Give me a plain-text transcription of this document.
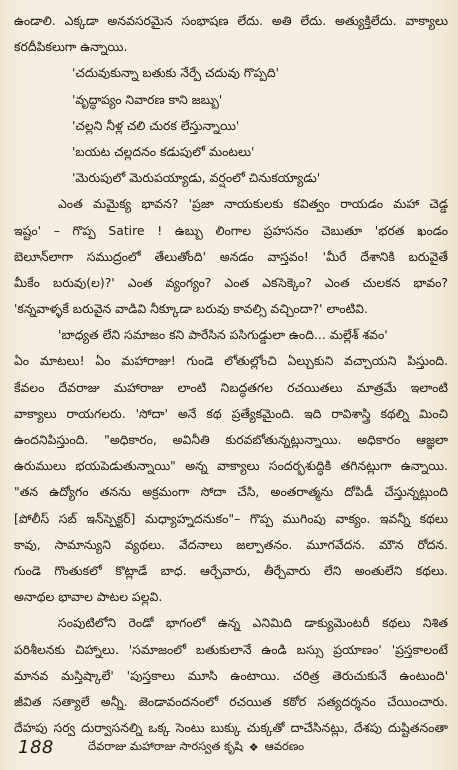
ఉండాలి. ఎక్కడా అనవసరమైన సంభాషణ లేదు. అతి లేదు. అత్యుక్తిలేదు. వాక్యాలు
కరదీపికలుగా ఉన్నాయి.
'చదువుకున్నా బతుకు నేర్పే చదువు గొప్పది'
'వృద్ధాప్యం నివారణ కాని జబ్బు'
'చల్లని నీళ్ల చలి చురక లేస్తున్నాయి'
'బయట చల్లదనం కడుపులో మంటలు'
'మెరుపులో మెరుపయ్యాడు, వర్షంలో చినుకయ్యాడు'
ఎంత మమైక్య భావన? 'ప్రజా నాయకులకు కవిత్వం రాయడం మహా చెడ్డ
ఇష్టం' – గొప్ప Satire ! ఉబ్బు లింగాల ప్రహసనం చెబుతూ 'భరత ఖండం
బెలూన్‌లాగా సముద్రంలో తేలుతోంది' అనడం వాస్తవం! 'మీరే దేశానికి బరువైతే
మీకేం బరువు(ల)?' ఎంత వ్యంగ్యం? ఎంత ఎకసెక్కెం? ఎంత చులకన భావం?
'కన్నవాళ్ళకే బరువైన వాడివి నీక్కూడా బరువు కావల్సి వచ్చిందా?' లాంటివి.
'బాధ్యత లేని సమాజం కని పారేసిన పసిగుడ్డులా ఉంది... మల్లేశ్ శవం'
ఏం మాటలు! ఏం మహారాజు! గుండె లోతుల్లోంచి ఏల్చుకుని వచ్చాయని పిస్తుంది.
కేవలం దేవరాజు మహారాజు లాంటి నిబద్ధతగల రచయితలు మాత్రమే ఇలాంటి
వాక్యాలు రాయగలరు. 'సోదా' అనే కథ ప్రత్యేకమైంది. ఇది రావిశాస్త్రి కథల్ని మించి
ఉందనిపిస్తుంది. "అధికారం, అవినీతి కురవబోతున్నట్లున్నాయి. అధికారం ఆజ్ఞలా
ఉరుములు భయపెడుతున్నాయి" అన్న వాక్యాలు సందర్భశుద్ధికి తగినట్లుగా ఉన్నాయి.
"తన ఉద్యోగం తనను అక్రమంగా సోదా చేసి, అంతరాత్మను దోపిడీ చేస్తున్నట్లుంది
[పోలీస్ సబ్ ఇన్‌స్పెక్టర్] మధ్యాహ్నదనుకం"– గొప్ప ముగింపు వాక్యం. ఇవన్నీ కథలు
కావు, సామాన్యుని వ్యథలు. వేదనాలు జల్పాతనం. మూగవేదన. మౌన రోదన.
గుండె గొంతుకలో కొట్లాడే బాధ. ఆర్చేవారు, తీర్చేవారు లేని అంతులేని కథలు.
అనాథల భావాల పాటల పల్లవి.
సంపుటిలోని రెండో భాగంలో ఉన్న ఎనిమిది డాక్యుమెంటరీ కథలు నిశిత
పరిశీలనకు చిహ్నాలు. 'సమాజంలో బతుకులానే ఉండి బస్సు ప్రయాణం' 'ప్రస్తకాలంటే
మానవ మస్తిష్కాలే' 'పుస్తకాలు మూసి ఉంటాయి. చరిత్ర తెరుచుకునే ఉంటుంది'
జీవిత సత్యాలే అన్నీ. జెండావందనంలో రచయిత కఠోర సత్యదర్శనం చేయించారు.
దేహపు సర్వ దుర్వాసనల్ని ఒక్క సెంటు బుక్కు చుక్కతో దాచేసినట్లు, దేశపు దుష్టితనంతా
188	దేవరాజు మహారాజు సారస్వత కృషి ❖ ఆవరణం
